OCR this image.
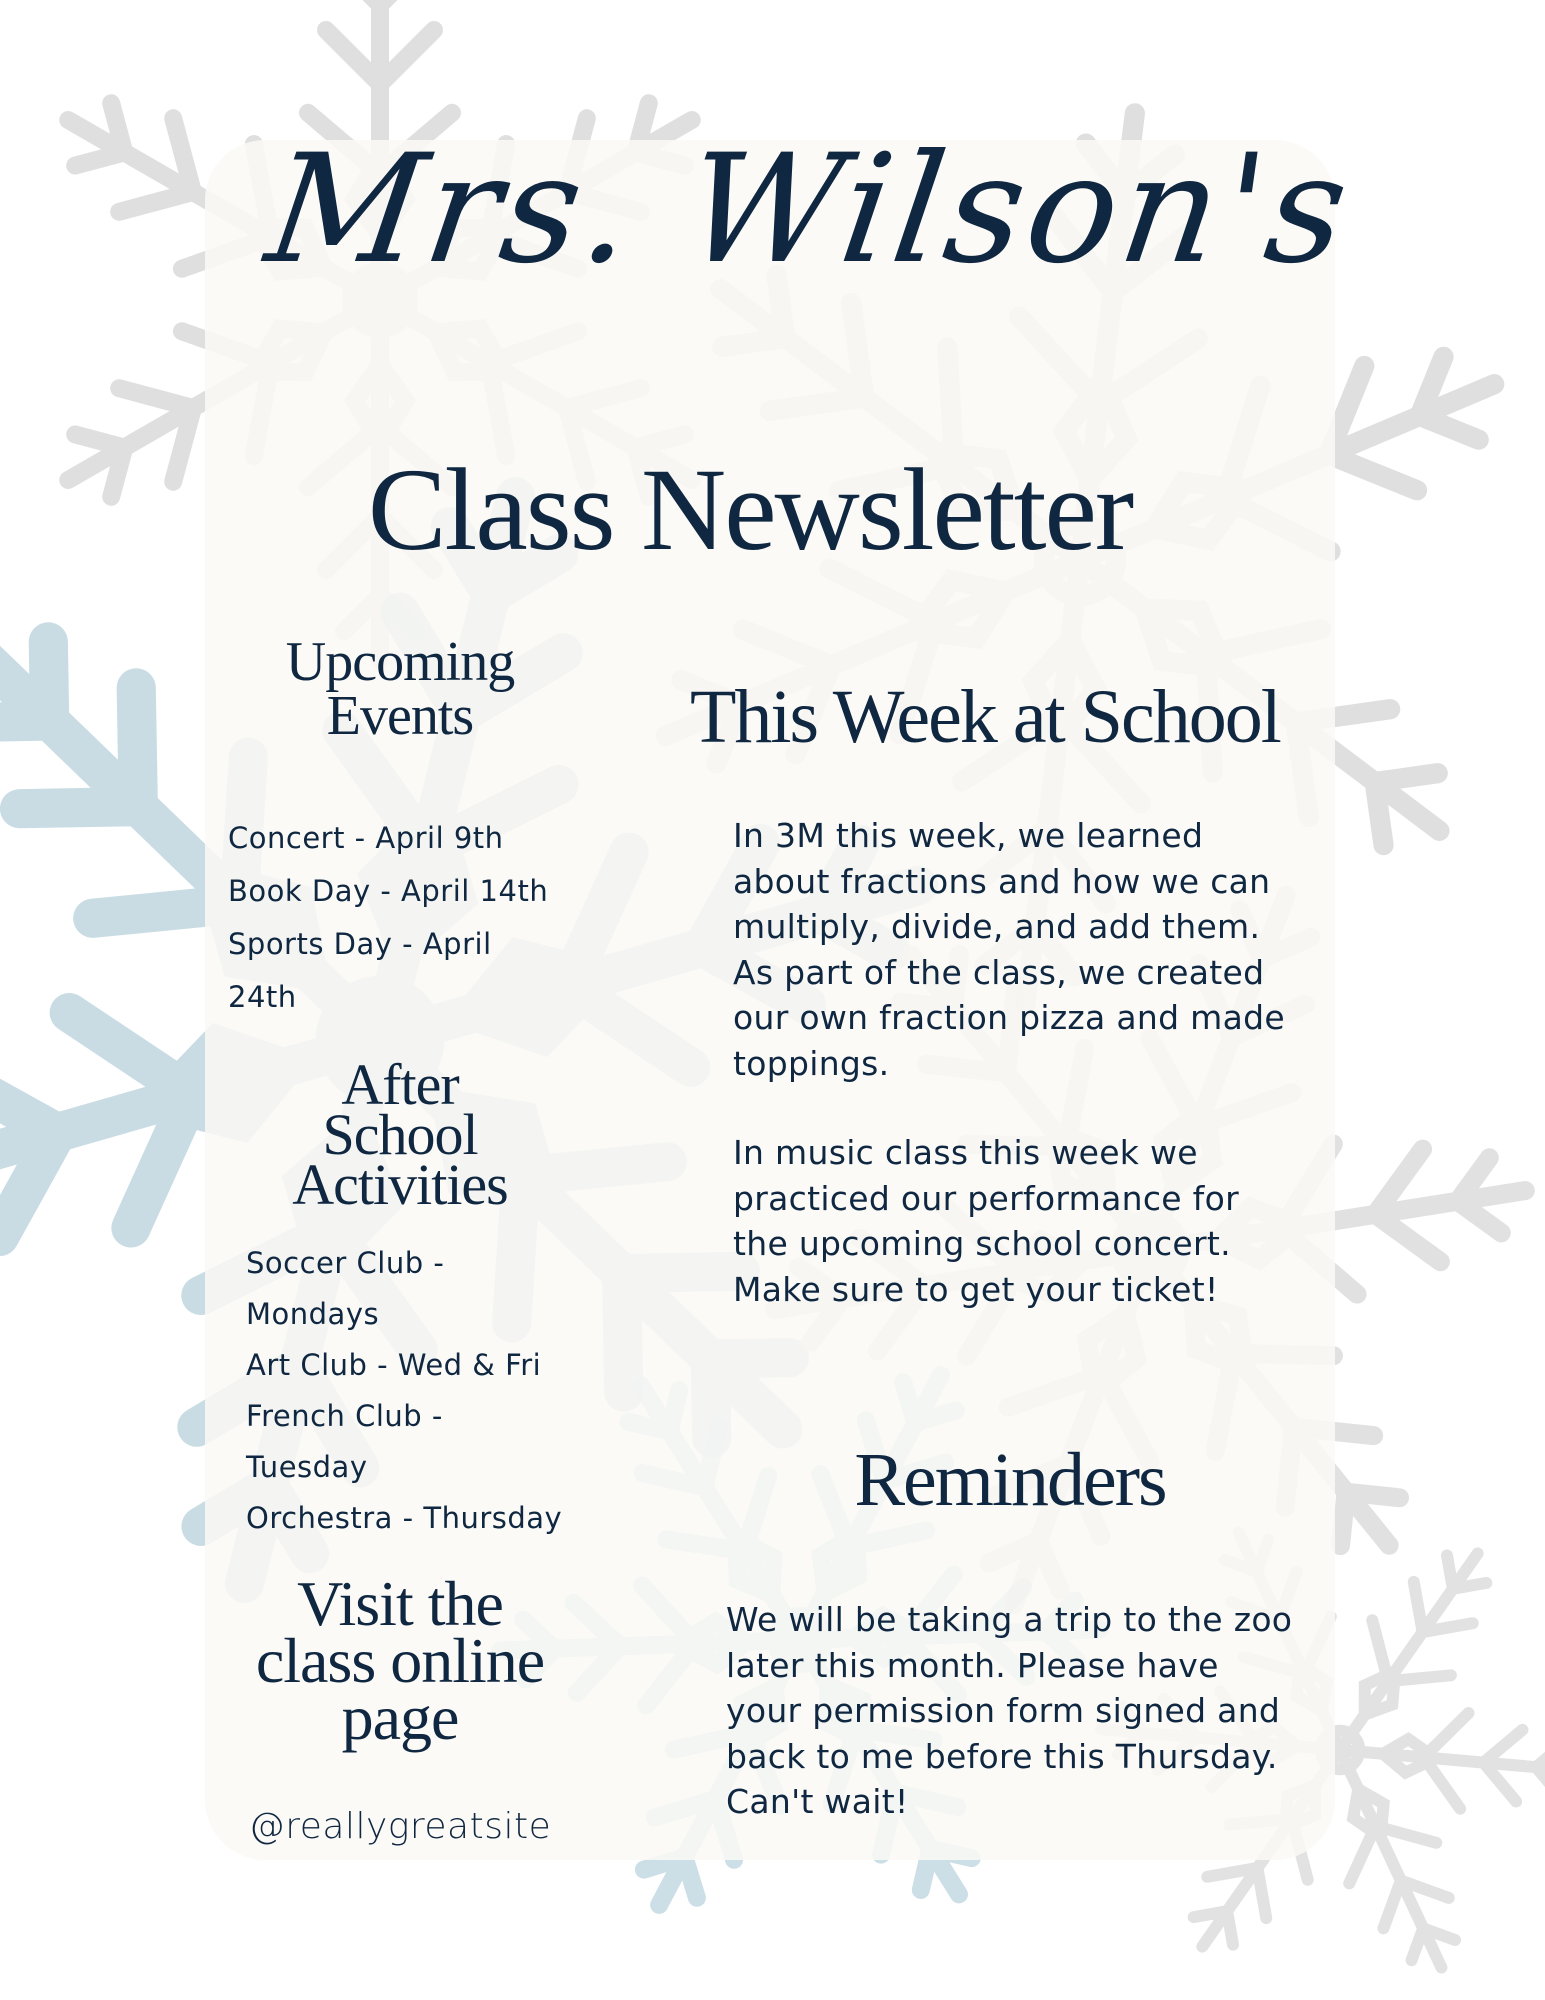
Mrs. Wilson's
Class Newsletter
Upcoming
Events
Concert - April 9th
Book Day - April 14th
Sports Day - April
24th
After
School
Activities
Soccer Club -
Mondays
Art Club - Wed & Fri
French Club -
Tuesday
Orchestra - Thursday
Visit the
class online
page
@reallygreatsite
This Week at School

In 3M this week, we learned
about fractions and how we can
multiply, divide, and add them.
As part of the class, we created
our own fraction pizza and made
toppings.

In music class this week we
practiced our performance for
the upcoming school concert.
Make sure to get your ticket!

Reminders

We will be taking a trip to the zoo
later this month. Please have
your permission form signed and
back to me before this Thursday.
Can't wait!
